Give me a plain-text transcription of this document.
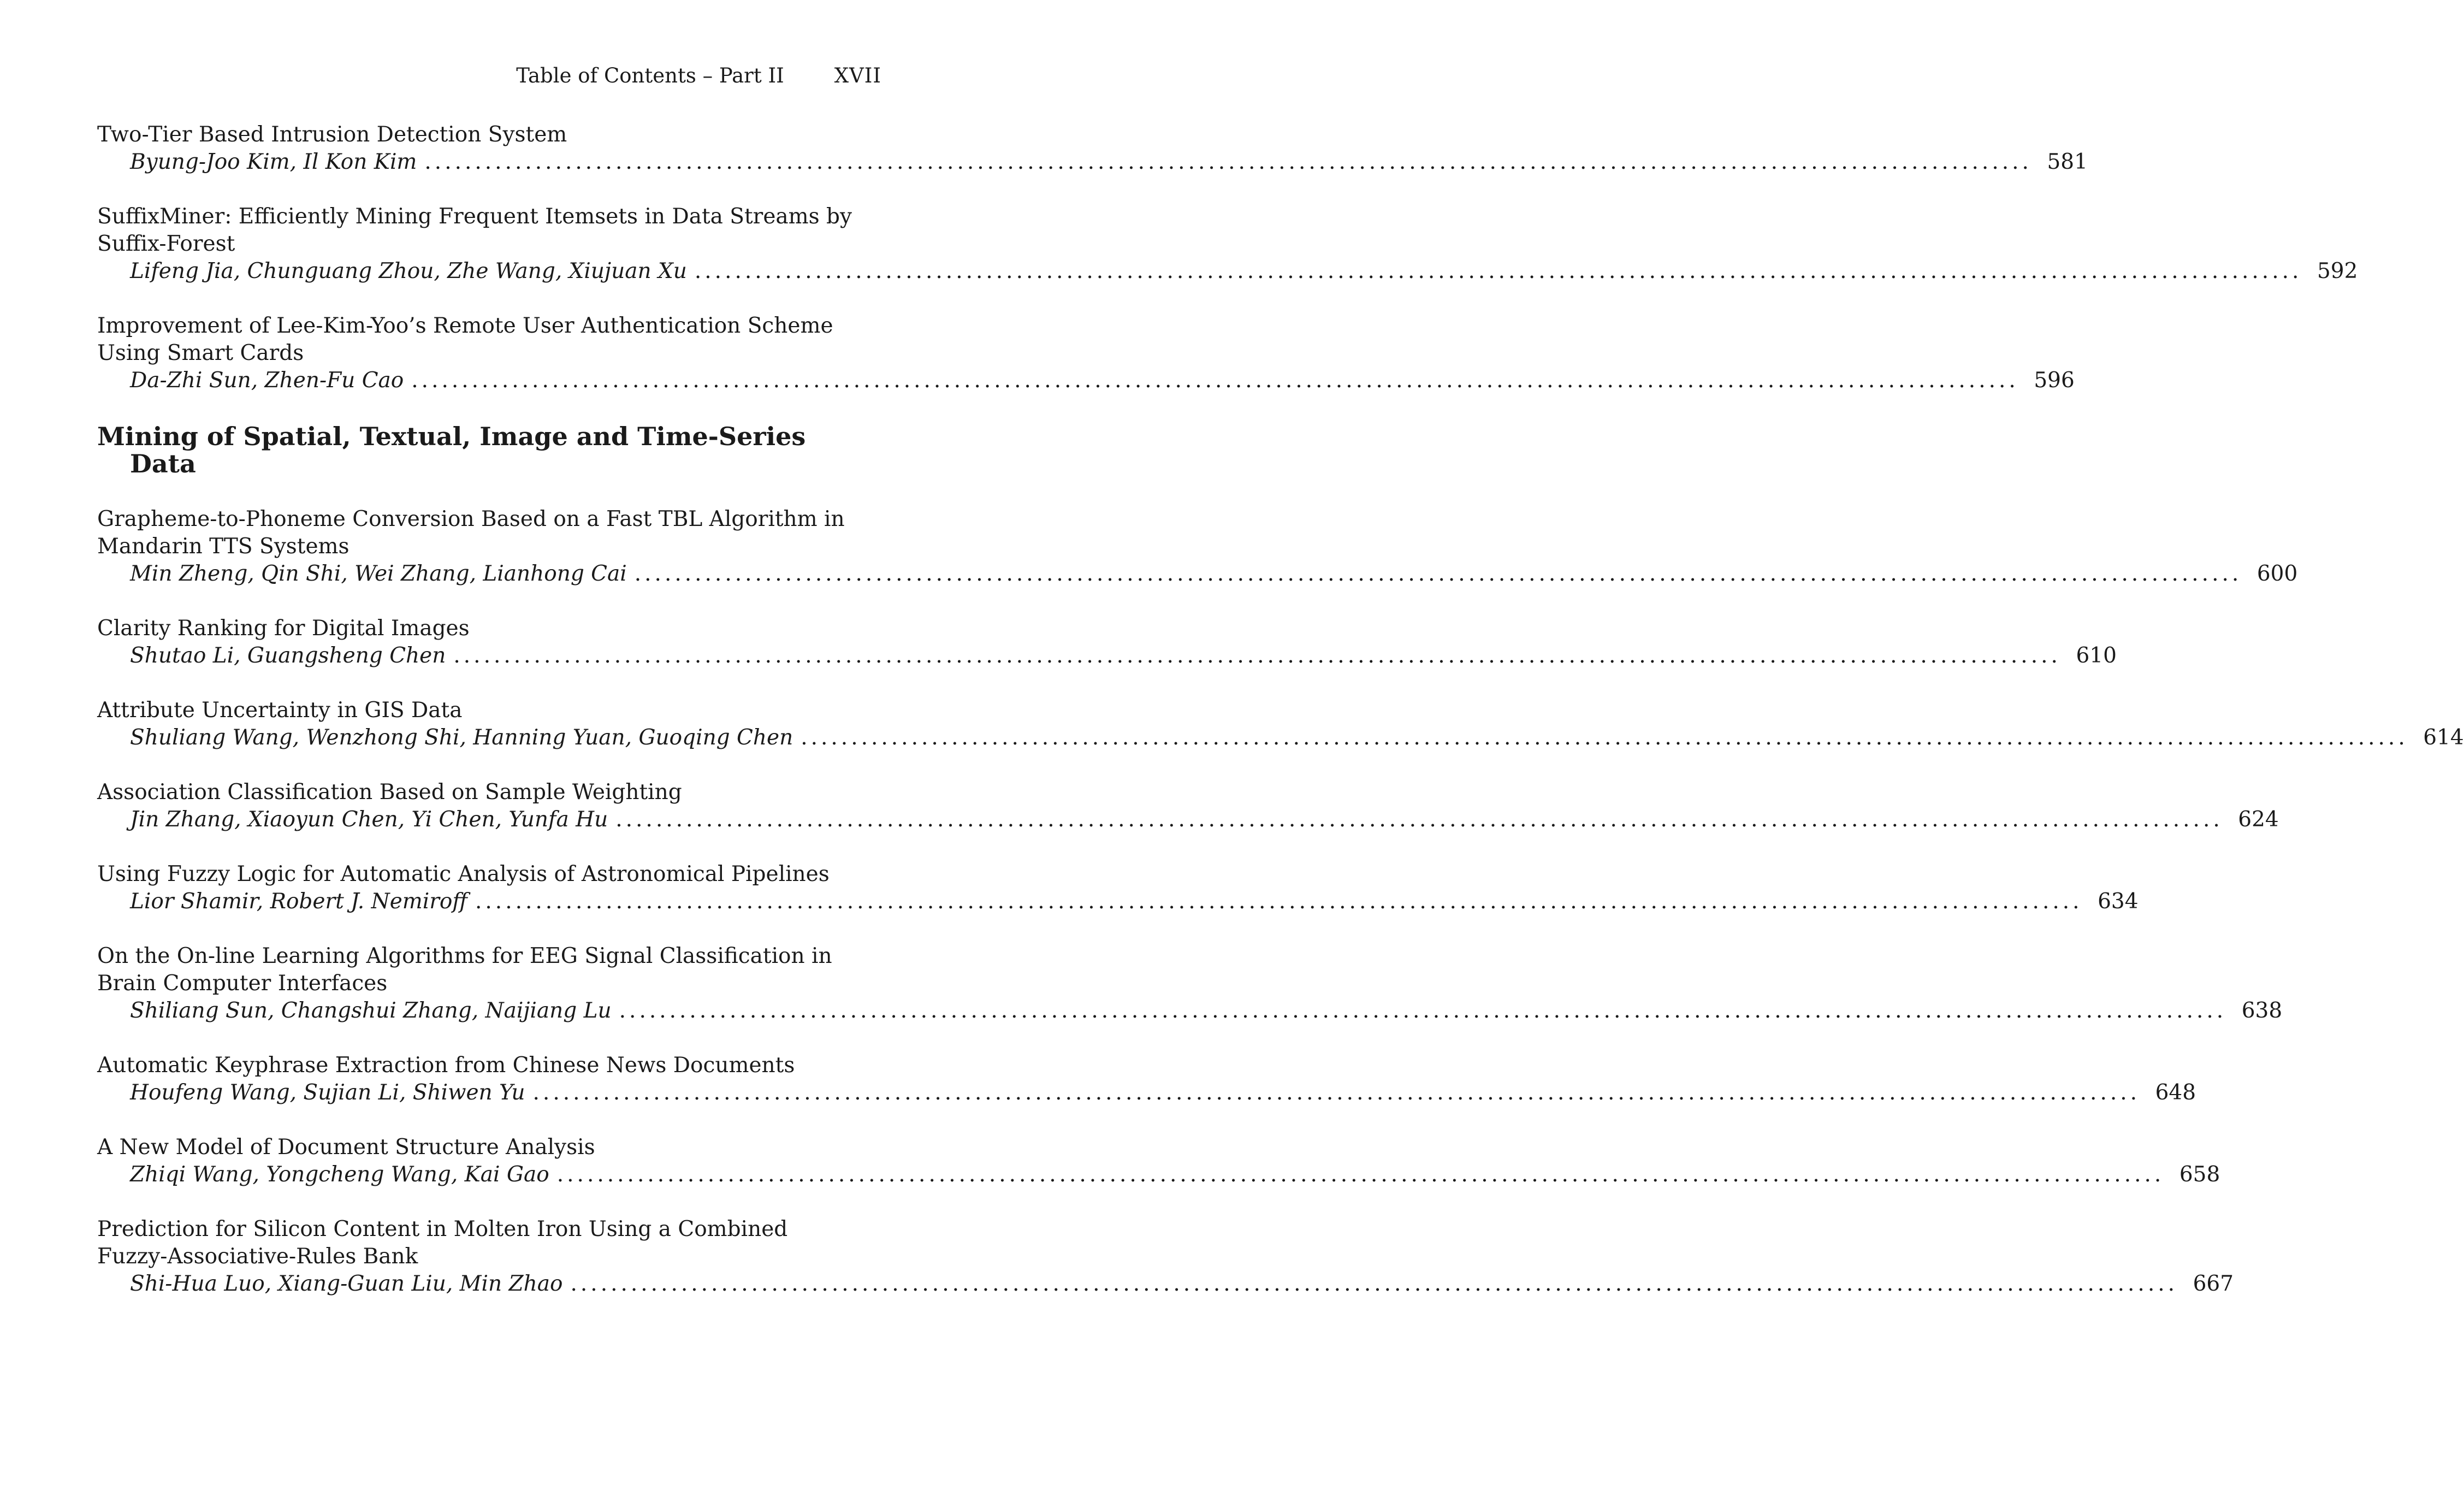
Table of Contents – Part II XVII
Two-Tier Based Intrusion Detection System
Byung-Joo Kim, Il Kon Kim ................................................................................................................................................................ 581
SuffixMiner: Efficiently Mining Frequent Itemsets in Data Streams by
Suffix-Forest
Lifeng Jia, Chunguang Zhou, Zhe Wang, Xiujuan Xu ................................................................................................................................................................ 592
Improvement of Lee-Kim-Yoo’s Remote User Authentication Scheme
Using Smart Cards
Da-Zhi Sun, Zhen-Fu Cao ................................................................................................................................................................ 596
Mining of Spatial, Textual, Image and Time-Series
Data
Grapheme-to-Phoneme Conversion Based on a Fast TBL Algorithm in
Mandarin TTS Systems
Min Zheng, Qin Shi, Wei Zhang, Lianhong Cai ................................................................................................................................................................ 600
Clarity Ranking for Digital Images
Shutao Li, Guangsheng Chen ................................................................................................................................................................ 610
Attribute Uncertainty in GIS Data
Shuliang Wang, Wenzhong Shi, Hanning Yuan, Guoqing Chen ................................................................................................................................................................ 614
Association Classification Based on Sample Weighting
Jin Zhang, Xiaoyun Chen, Yi Chen, Yunfa Hu ................................................................................................................................................................ 624
Using Fuzzy Logic for Automatic Analysis of Astronomical Pipelines
Lior Shamir, Robert J. Nemiroff ................................................................................................................................................................ 634
On the On-line Learning Algorithms for EEG Signal Classification in
Brain Computer Interfaces
Shiliang Sun, Changshui Zhang, Naijiang Lu ................................................................................................................................................................ 638
Automatic Keyphrase Extraction from Chinese News Documents
Houfeng Wang, Sujian Li, Shiwen Yu ................................................................................................................................................................ 648
A New Model of Document Structure Analysis
Zhiqi Wang, Yongcheng Wang, Kai Gao ................................................................................................................................................................ 658
Prediction for Silicon Content in Molten Iron Using a Combined
Fuzzy-Associative-Rules Bank
Shi-Hua Luo, Xiang-Guan Liu, Min Zhao ................................................................................................................................................................ 667
